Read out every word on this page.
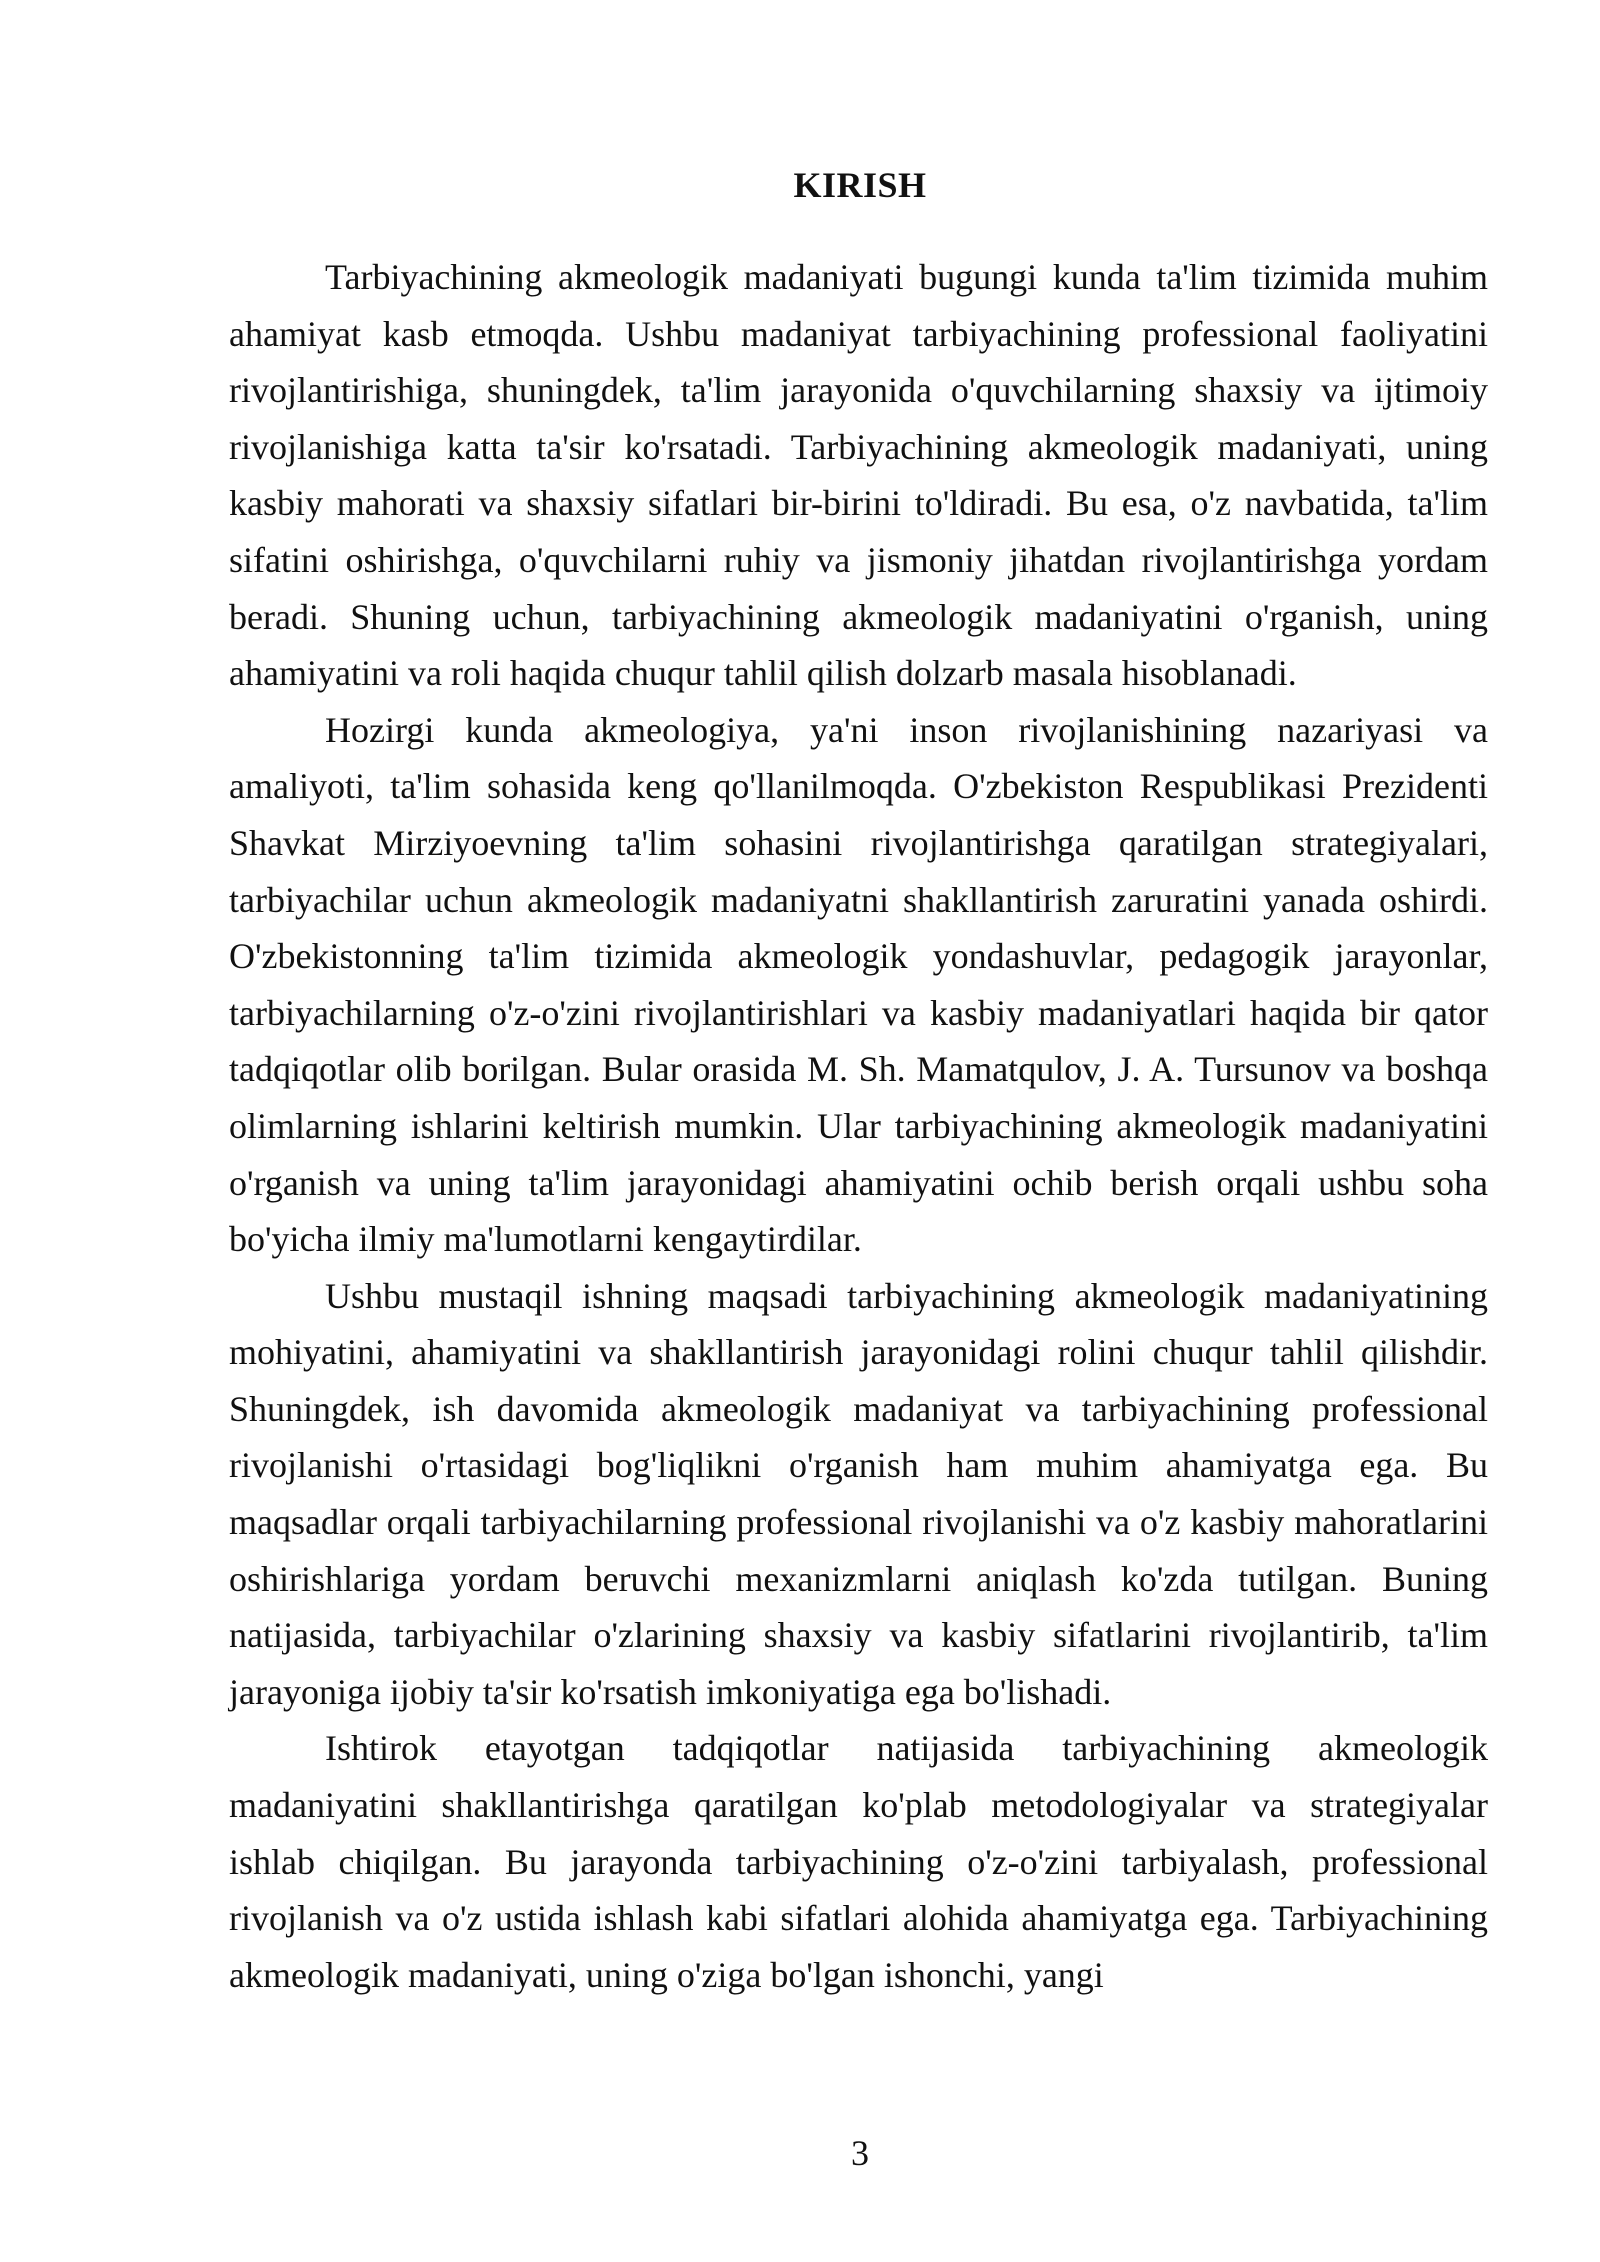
KIRISH

Tarbiyachining akmeologik madaniyati bugungi kunda ta'lim tizimida muhim ahamiyat kasb etmoqda. Ushbu madaniyat tarbiyachining professional faoliyatini rivojlantirishiga, shuningdek, ta'lim jarayonida o'quvchilarning shaxsiy va ijtimoiy rivojlanishiga katta ta'sir ko'rsatadi. Tarbiyachining akmeologik madaniyati, uning kasbiy mahorati va shaxsiy sifatlari bir-birini to'ldiradi. Bu esa, o'z navbatida, ta'lim sifatini oshirishga, o'quvchilarni ruhiy va jismoniy jihatdan rivojlantirishga yordam beradi. Shuning uchun, tarbiyachining akmeologik madaniyatini o'rganish, uning ahamiyatini va roli haqida chuqur tahlil qilish dolzarb masala hisoblanadi.

Hozirgi kunda akmeologiya, ya'ni inson rivojlanishining nazariyasi va amaliyoti, ta'lim sohasida keng qo'llanilmoqda. O'zbekiston Respublikasi Prezidenti Shavkat Mirziyoevning ta'lim sohasini rivojlantirishga qaratilgan strategiyalari, tarbiyachilar uchun akmeologik madaniyatni shakllantirish zaruratini yanada oshirdi. O'zbekistonning ta'lim tizimida akmeologik yondashuvlar, pedagogik jarayonlar, tarbiyachilarning o'z-o'zini rivojlantirishlari va kasbiy madaniyatlari haqida bir qator tadqiqotlar olib borilgan. Bular orasida M. Sh. Mamatqulov, J. A. Tursunov va boshqa olimlarning ishlarini keltirish mumkin. Ular tarbiyachining akmeologik madaniyatini o'rganish va uning ta'lim jarayonidagi ahamiyatini ochib berish orqali ushbu soha bo'yicha ilmiy ma'lumotlarni kengaytirdilar.

Ushbu mustaqil ishning maqsadi tarbiyachining akmeologik madaniyatining mohiyatini, ahamiyatini va shakllantirish jarayonidagi rolini chuqur tahlil qilishdir. Shuningdek, ish davomida akmeologik madaniyat va tarbiyachining professional rivojlanishi o'rtasidagi bog'liqlikni o'rganish ham muhim ahamiyatga ega. Bu maqsadlar orqali tarbiyachilarning professional rivojlanishi va o'z kasbiy mahoratlarini oshirishlariga yordam beruvchi mexanizmlarni aniqlash ko'zda tutilgan. Buning natijasida, tarbiyachilar o'zlarining shaxsiy va kasbiy sifatlarini rivojlantirib, ta'lim jarayoniga ijobiy ta'sir ko'rsatish imkoniyatiga ega bo'lishadi.

Ishtirok etayotgan tadqiqotlar natijasida tarbiyachining akmeologik madaniyatini shakllantirishga qaratilgan ko'plab metodologiyalar va strategiyalar ishlab chiqilgan. Bu jarayonda tarbiyachining o'z-o'zini tarbiyalash, professional rivojlanish va o'z ustida ishlash kabi sifatlari alohida ahamiyatga ega. Tarbiyachining akmeologik madaniyati, uning o'ziga bo'lgan ishonchi, yangi

3
